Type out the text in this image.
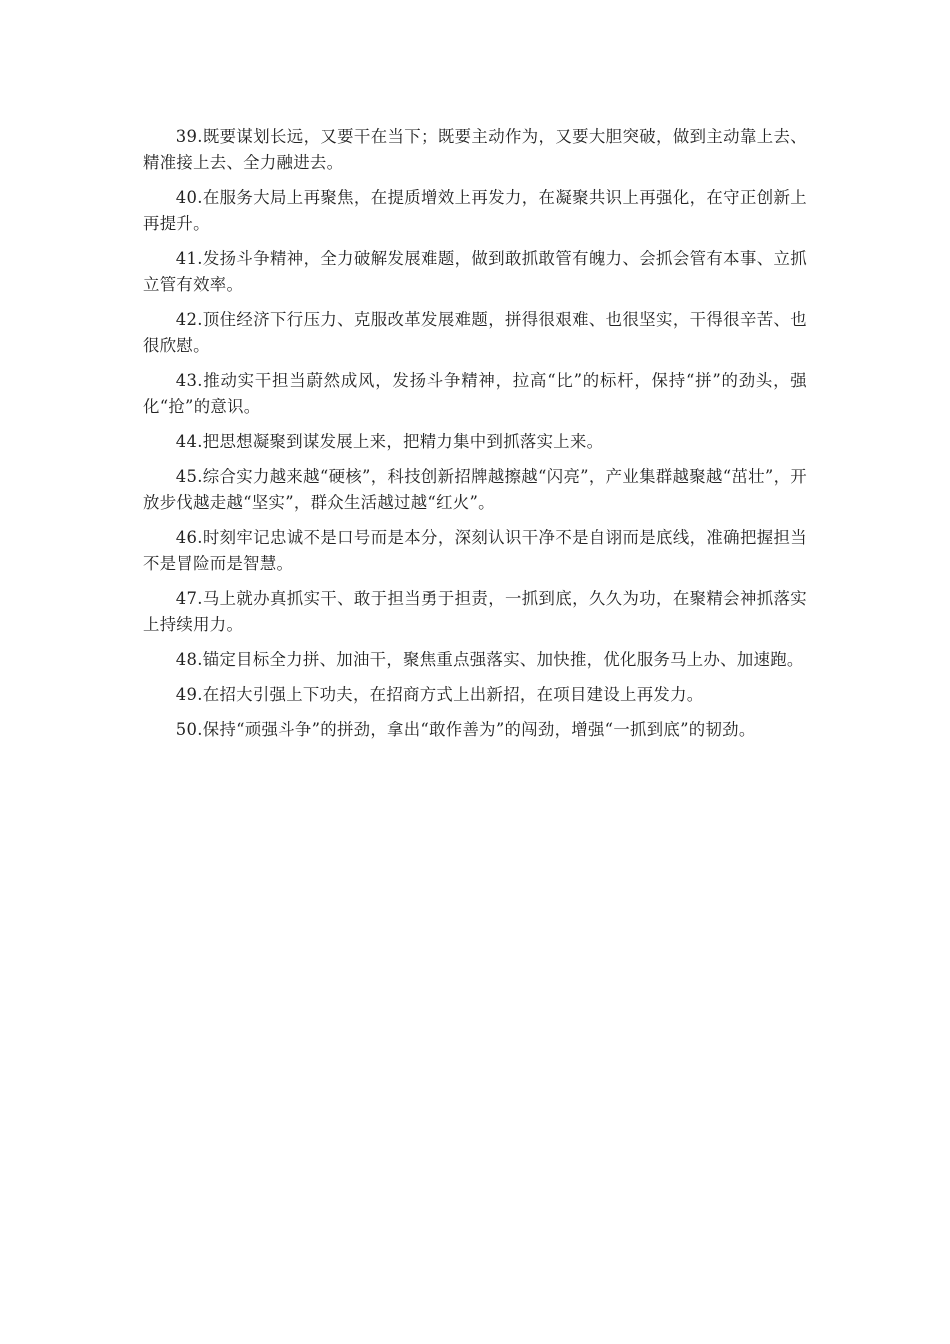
39.既要谋划长远，又要干在当下；既要主动作为，又要大胆突破，做到主动靠上去、精准接上去、全力融进去。

40.在服务大局上再聚焦，在提质增效上再发力，在凝聚共识上再强化，在守正创新上再提升。

41.发扬斗争精神，全力破解发展难题，做到敢抓敢管有魄力、会抓会管有本事、立抓立管有效率。

42.顶住经济下行压力、克服改革发展难题，拼得很艰难、也很坚实，干得很辛苦、也很欣慰。

43.推动实干担当蔚然成风，发扬斗争精神，拉高“比”的标杆，保持“拼”的劲头，强化“抢”的意识。

44.把思想凝聚到谋发展上来，把精力集中到抓落实上来。

45.综合实力越来越“硬核”，科技创新招牌越擦越“闪亮”，产业集群越聚越“茁壮”，开放步伐越走越“坚实”，群众生活越过越“红火”。

46.时刻牢记忠诚不是口号而是本分，深刻认识干净不是自诩而是底线，准确把握担当不是冒险而是智慧。

47.马上就办真抓实干、敢于担当勇于担责，一抓到底，久久为功，在聚精会神抓落实上持续用力。

48.锚定目标全力拼、加油干，聚焦重点强落实、加快推，优化服务马上办、加速跑。

49.在招大引强上下功夫，在招商方式上出新招，在项目建设上再发力。

50.保持“顽强斗争”的拼劲，拿出“敢作善为”的闯劲，增强“一抓到底”的韧劲。
